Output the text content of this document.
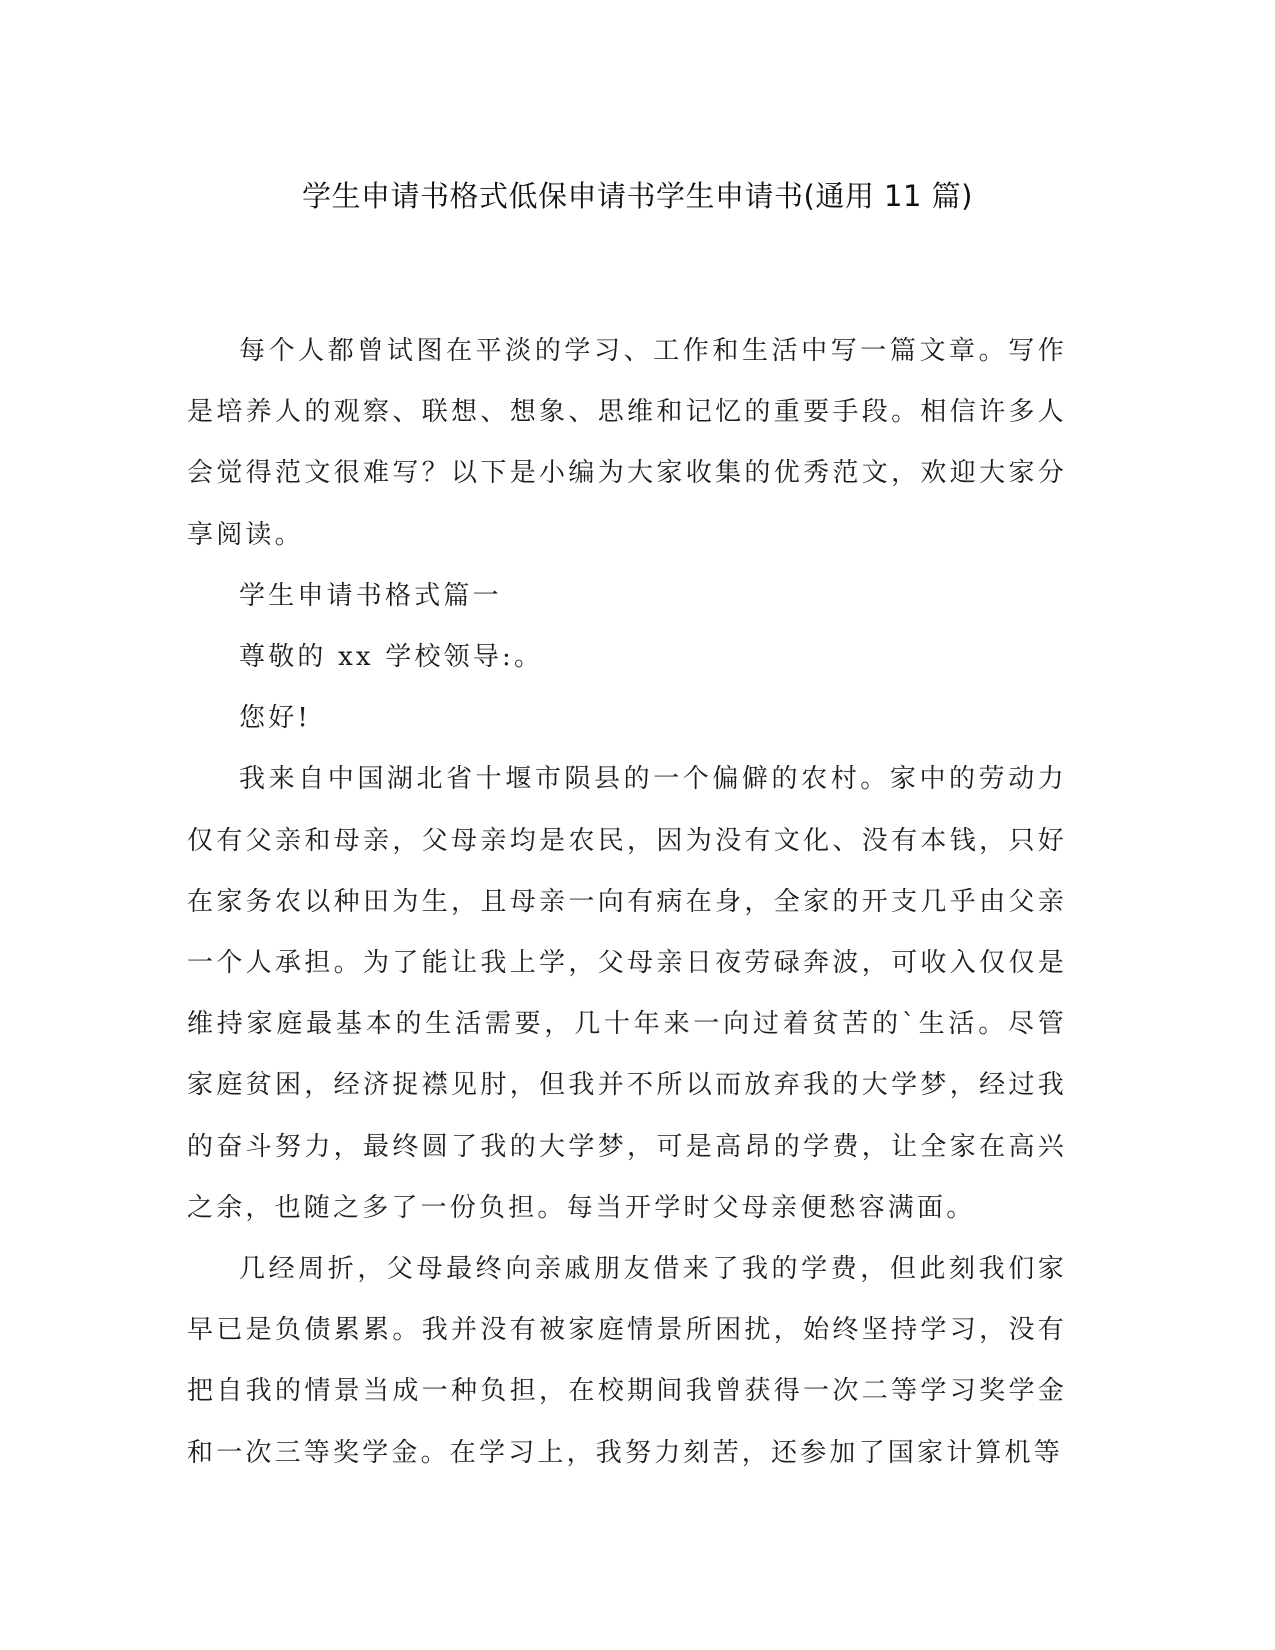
学生申请书格式低保申请书学生申请书(通用 11 篇)

每个人都曾试图在平淡的学习、工作和生活中写一篇文章。写作是培养人的观察、联想、想象、思维和记忆的重要手段。相信许多人会觉得范文很难写？以下是小编为大家收集的优秀范文，欢迎大家分享阅读。

学生申请书格式篇一

尊敬的 xx 学校领导:。

您好!

我来自中国湖北省十堰市陨县的一个偏僻的农村。家中的劳动力仅有父亲和母亲，父母亲均是农民，因为没有文化、没有本钱，只好在家务农以种田为生，且母亲一向有病在身，全家的开支几乎由父亲一个人承担。为了能让我上学，父母亲日夜劳碌奔波，可收入仅仅是维持家庭最基本的生活需要，几十年来一向过着贫苦的`生活。尽管家庭贫困，经济捉襟见肘，但我并不所以而放弃我的大学梦，经过我的奋斗努力，最终圆了我的大学梦，可是高昂的学费，让全家在高兴之余，也随之多了一份负担。每当开学时父母亲便愁容满面。

几经周折，父母最终向亲戚朋友借来了我的学费，但此刻我们家早已是负债累累。我并没有被家庭情景所困扰，始终坚持学习，没有把自我的情景当成一种负担，在校期间我曾获得一次二等学习奖学金和一次三等奖学金。在学习上，我努力刻苦，还参加了国家计算机等
